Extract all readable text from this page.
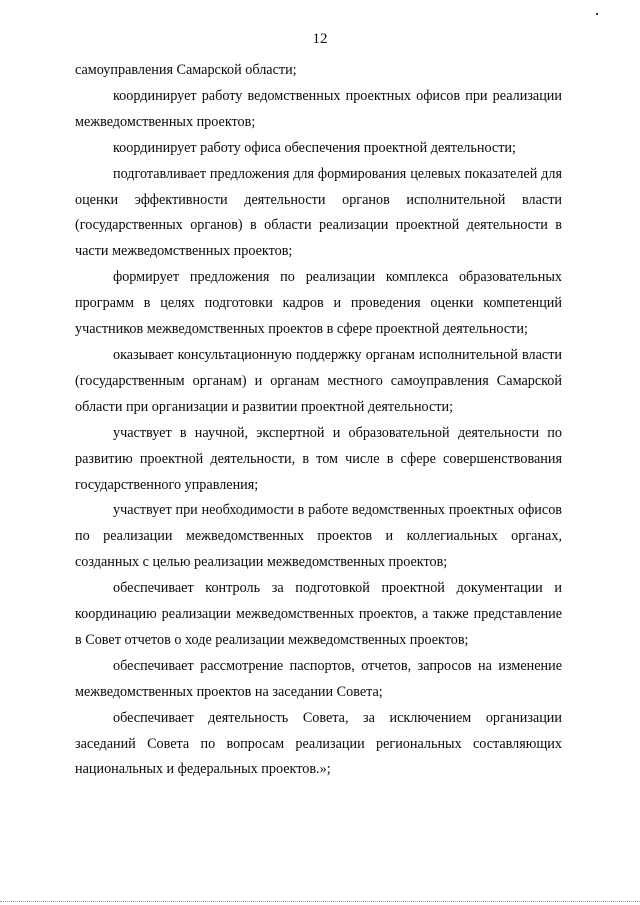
12

самоуправления Самарской области;

координирует работу ведомственных проектных офисов при реализации межведомственных проектов;

координирует работу офиса обеспечения проектной деятельности;

подготавливает предложения для формирования целевых показателей для оценки эффективности деятельности органов исполнительной власти (государственных органов) в области реализации проектной деятельности в части межведомственных проектов;

формирует предложения по реализации комплекса образовательных программ в целях подготовки кадров и проведения оценки компетенций участников межведомственных проектов в сфере проектной деятельности;

оказывает консультационную поддержку органам исполнительной власти (государственным органам) и органам местного самоуправления Самарской области при организации и развитии проектной деятельности;

участвует в научной, экспертной и образовательной деятельности по развитию проектной деятельности, в том числе в сфере совершенствования государственного управления;

участвует при необходимости в работе ведомственных проектных офисов по реализации межведомственных проектов и коллегиальных органах, созданных с целью реализации межведомственных проектов;

обеспечивает контроль за подготовкой проектной документации и координацию реализации межведомственных проектов, а также представление в Совет отчетов о ходе реализации межведомственных проектов;

обеспечивает рассмотрение паспортов, отчетов, запросов на изменение межведомственных проектов на заседании Совета;

обеспечивает деятельность Совета, за исключением организации заседаний Совета по вопросам реализации региональных составляющих национальных и федеральных проектов.»;
